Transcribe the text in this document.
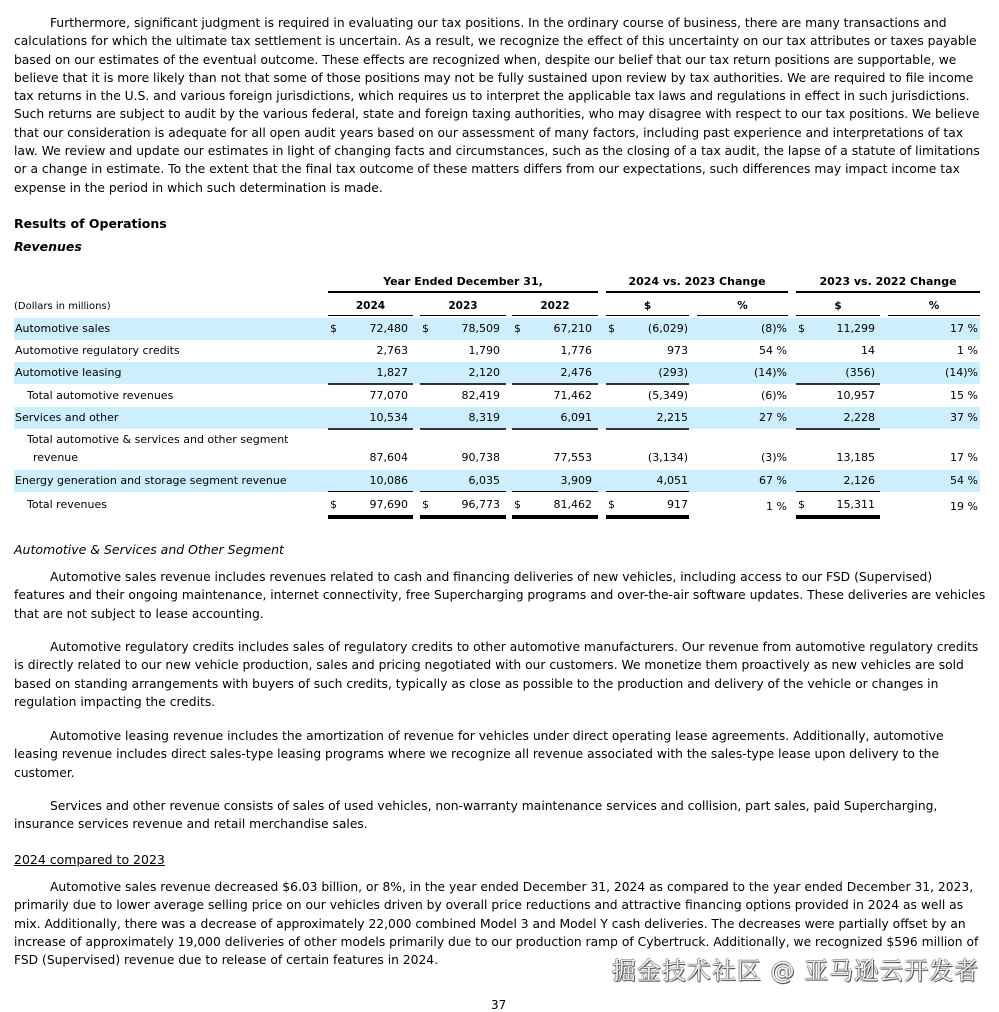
Furthermore, significant judgment is required in evaluating our tax positions. In the ordinary course of business, there are many transactions and calculations for which the ultimate tax settlement is uncertain. As a result, we recognize the effect of this uncertainty on our tax attributes or taxes payable based on our estimates of the eventual outcome. These effects are recognized when, despite our belief that our tax return positions are supportable, we believe that it is more likely than not that some of those positions may not be fully sustained upon review by tax authorities. We are required to file income tax returns in the U.S. and various foreign jurisdictions, which requires us to interpret the applicable tax laws and regulations in effect in such jurisdictions. Such returns are subject to audit by the various federal, state and foreign taxing authorities, who may disagree with respect to our tax positions. We believe that our consideration is adequate for all open audit years based on our assessment of many factors, including past experience and interpretations of tax law. We review and update our estimates in light of changing facts and circumstances, such as the closing of a tax audit, the lapse of a statute of limitations or a change in estimate. To the extent that the final tax outcome of these matters differs from our expectations, such differences may impact income tax expense in the period in which such determination is made.

Results of Operations
Revenues
Year Ended December 31,	2024 vs. 2023 Change	2023 vs. 2022 Change
(Dollars in millions)	2024	2023	2022	$	%	$	%
Automotive sales	$	72,480 $	78,509 $	67,210 $	(6,029)	(8)% $	11,299	17 %
Automotive regulatory credits	2,763	1,790	1,776	973	54 %	14	1 %
Automotive leasing	1,827	2,120	2,476	(293)	(14)%	(356)	(14)%
Total automotive revenues	77,070	82,419	71,462	(5,349)	(6)%	10,957	15 %
Services and other	10,534	8,319	6,091	2,215	27 %	2,228	37 %
Total automotive & services and other segment
revenue	87,604	90,738	77,553	(3,134)	(3)%	13,185	17 %
Energy generation and storage segment revenue	10,086	6,035	3,909	4,051	67 %	2,126	54 %
Total revenues	$	97,690 $	96,773 $	81,462 $	917	1 % $	15,311	19 %
Automotive & Services and Other Segment

Automotive sales revenue includes revenues related to cash and financing deliveries of new vehicles, including access to our FSD (Supervised) features and their ongoing maintenance, internet connectivity, free Supercharging programs and over-the-air software updates. These deliveries are vehicles that are not subject to lease accounting.

Automotive regulatory credits includes sales of regulatory credits to other automotive manufacturers. Our revenue from automotive regulatory credits is directly related to our new vehicle production, sales and pricing negotiated with our customers. We monetize them proactively as new vehicles are sold based on standing arrangements with buyers of such credits, typically as close as possible to the production and delivery of the vehicle or changes in regulation impacting the credits.

Automotive leasing revenue includes the amortization of revenue for vehicles under direct operating lease agreements. Additionally, automotive leasing revenue includes direct sales-type leasing programs where we recognize all revenue associated with the sales-type lease upon delivery to the customer.

Services and other revenue consists of sales of used vehicles, non-warranty maintenance services and collision, part sales, paid Supercharging, insurance services revenue and retail merchandise sales.

2024 compared to 2023

Automotive sales revenue decreased $6.03 billion, or 8%, in the year ended December 31, 2024 as compared to the year ended December 31, 2023, primarily due to lower average selling price on our vehicles driven by overall price reductions and attractive financing options provided in 2024 as well as mix. Additionally, there was a decrease of approximately 22,000 combined Model 3 and Model Y cash deliveries. The decreases were partially offset by an increase of approximately 19,000 deliveries of other models primarily due to our production ramp of Cybertruck. Additionally, we recognized $596 million of FSD (Supervised) revenue due to release of certain features in 2024.	掘金技术社区 @ 亚马逊云开发者
37
